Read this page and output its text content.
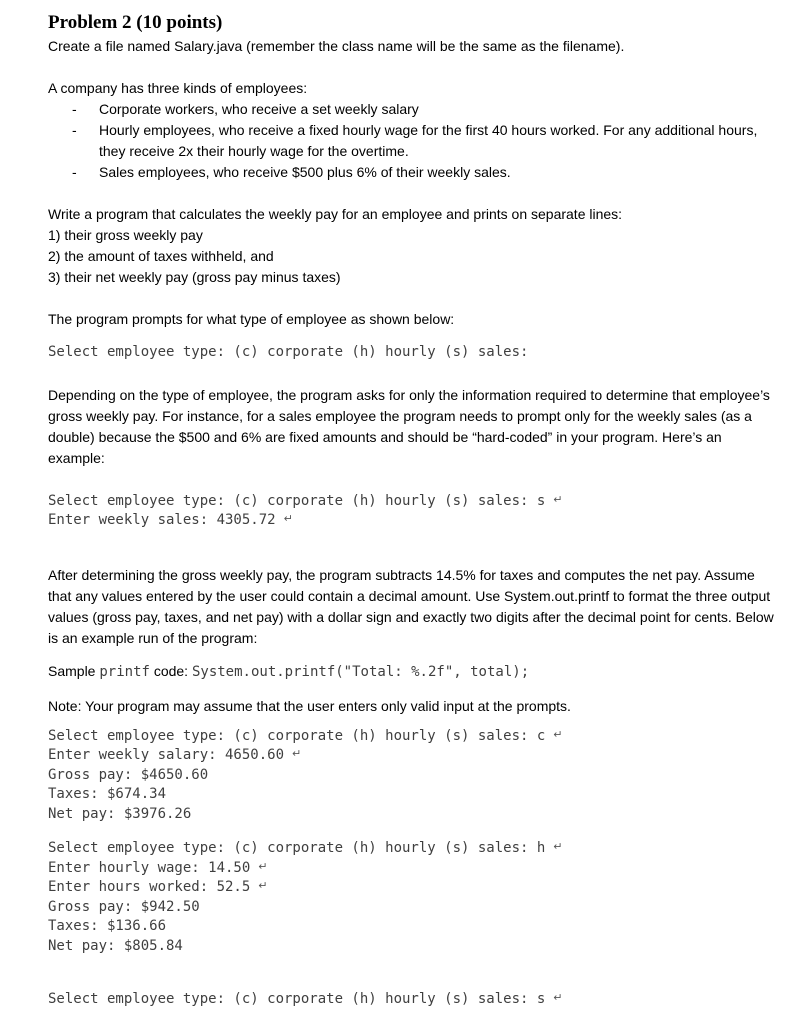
Problem 2 (10 points)

Create a file named Salary.java (remember the class name will be the same as the filename).

A company has three kinds of employees:

- Corporate workers, who receive a set weekly salary
- Hourly employees, who receive a fixed hourly wage for the first 40 hours worked. For any additional hours, they receive 2x their hourly wage for the overtime.
- Sales employees, who receive $500 plus 6% of their weekly sales.

Write a program that calculates the weekly pay for an employee and prints on separate lines:

1) their gross weekly pay

2) the amount of taxes withheld, and

3) their net weekly pay (gross pay minus taxes)

The program prompts for what type of employee as shown below:

Select employee type: (c) corporate (h) hourly (s) sales:

Depending on the type of employee, the program asks for only the information required to determine that employee’s gross weekly pay. For instance, for a sales employee the program needs to prompt only for the weekly sales (as a double) because the $500 and 6% are fixed amounts and should be “hard-coded” in your program. Here’s an example:

Select employee type: (c) corporate (h) hourly (s) sales: s ↵

Enter weekly sales: 4305.72 ↵

After determining the gross weekly pay, the program subtracts 14.5% for taxes and computes the net pay. Assume that any values entered by the user could contain a decimal amount. Use System.out.printf to format the three output values (gross pay, taxes, and net pay) with a dollar sign and exactly two digits after the decimal point for cents. Below is an example run of the program:

Sample printf code: System.out.printf("Total: %.2f", total);

Note: Your program may assume that the user enters only valid input at the prompts.

Select employee type: (c) corporate (h) hourly (s) sales: c ↵

Enter weekly salary: 4650.60 ↵

Gross pay: $4650.60

Taxes: $674.34

Net pay: $3976.26

Select employee type: (c) corporate (h) hourly (s) sales: h ↵

Enter hourly wage: 14.50 ↵

Enter hours worked: 52.5 ↵

Gross pay: $942.50

Taxes: $136.66

Net pay: $805.84

Select employee type: (c) corporate (h) hourly (s) sales: s ↵
